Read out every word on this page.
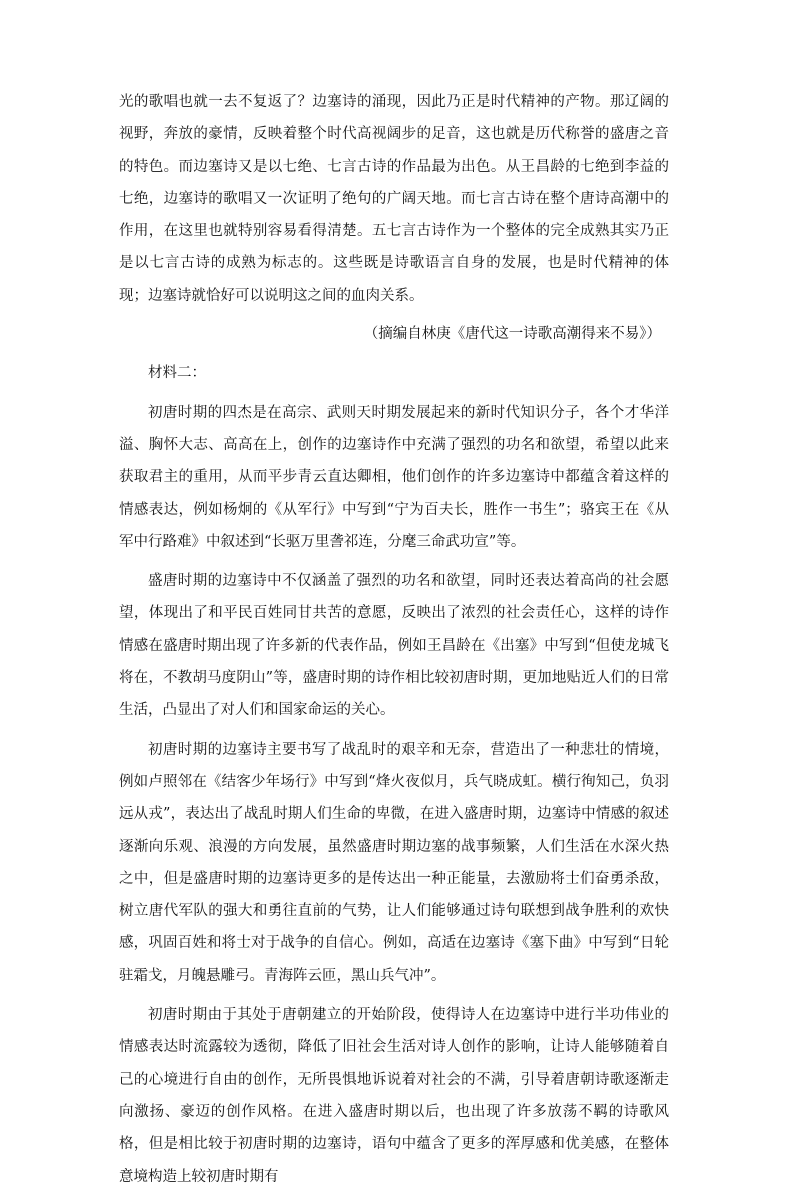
光的歌唱也就一去不复返了？边塞诗的涌现，因此乃正是时代精神的产物。那辽阔的视野，奔放的豪情，反映着整个时代高视阔步的足音，这也就是历代称誉的盛唐之音的特色。而边塞诗又是以七绝、七言古诗的作品最为出色。从王昌龄的七绝到李益的七绝，边塞诗的歌唱又一次证明了绝句的广阔天地。而七言古诗在整个唐诗高潮中的作用，在这里也就特别容易看得清楚。五七言古诗作为一个整体的完全成熟其实乃正是以七言古诗的成熟为标志的。这些既是诗歌语言自身的发展，也是时代精神的体现；边塞诗就恰好可以说明这之间的血肉关系。

（摘编自林庚《唐代这一诗歌高潮得来不易》）

材料二：

初唐时期的四杰是在高宗、武则天时期发展起来的新时代知识分子，各个才华洋溢、胸怀大志、高高在上，创作的边塞诗作中充满了强烈的功名和欲望，希望以此来获取君主的重用，从而平步青云直达卿相，他们创作的许多边塞诗中都蕴含着这样的情感表达，例如杨炯的《从军行》中写到“宁为百夫长，胜作一书生”；骆宾王在《从军中行路难》中叙述到“长驱万里詟祁连，分麾三命武功宣”等。

盛唐时期的边塞诗中不仅涵盖了强烈的功名和欲望，同时还表达着高尚的社会愿望，体现出了和平民百姓同甘共苦的意愿，反映出了浓烈的社会责任心，这样的诗作情感在盛唐时期出现了许多新的代表作品，例如王昌龄在《出塞》中写到“但使龙城飞将在，不教胡马度阴山”等，盛唐时期的诗作相比较初唐时期，更加地贴近人们的日常生活，凸显出了对人们和国家命运的关心。

初唐时期的边塞诗主要书写了战乱时的艰辛和无奈，营造出了一种悲壮的情境，例如卢照邻在《结客少年场行》中写到“烽火夜似月，兵气晓成虹。横行徇知己，负羽远从戎”，表达出了战乱时期人们生命的卑微，在进入盛唐时期，边塞诗中情感的叙述逐渐向乐观、浪漫的方向发展，虽然盛唐时期边塞的战事频繁，人们生活在水深火热之中，但是盛唐时期的边塞诗更多的是传达出一种正能量，去激励将士们奋勇杀敌，树立唐代军队的强大和勇往直前的气势，让人们能够通过诗句联想到战争胜利的欢快感，巩固百姓和将士对于战争的自信心。例如，高适在边塞诗《塞下曲》中写到“日轮驻霜戈，月魄悬雕弓。青海阵云匝，黑山兵气冲”。

初唐时期由于其处于唐朝建立的开始阶段，使得诗人在边塞诗中进行半功伟业的情感表达时流露较为透彻，降低了旧社会生活对诗人创作的影响，让诗人能够随着自己的心境进行自由的创作，无所畏惧地诉说着对社会的不满，引导着唐朝诗歌逐渐走向激扬、豪迈的创作风格。在进入盛唐时期以后，也出现了许多放荡不羁的诗歌风格，但是相比较于初唐时期的边塞诗，语句中蕴含了更多的浑厚感和优美感，在整体意境构造上较初唐时期有
